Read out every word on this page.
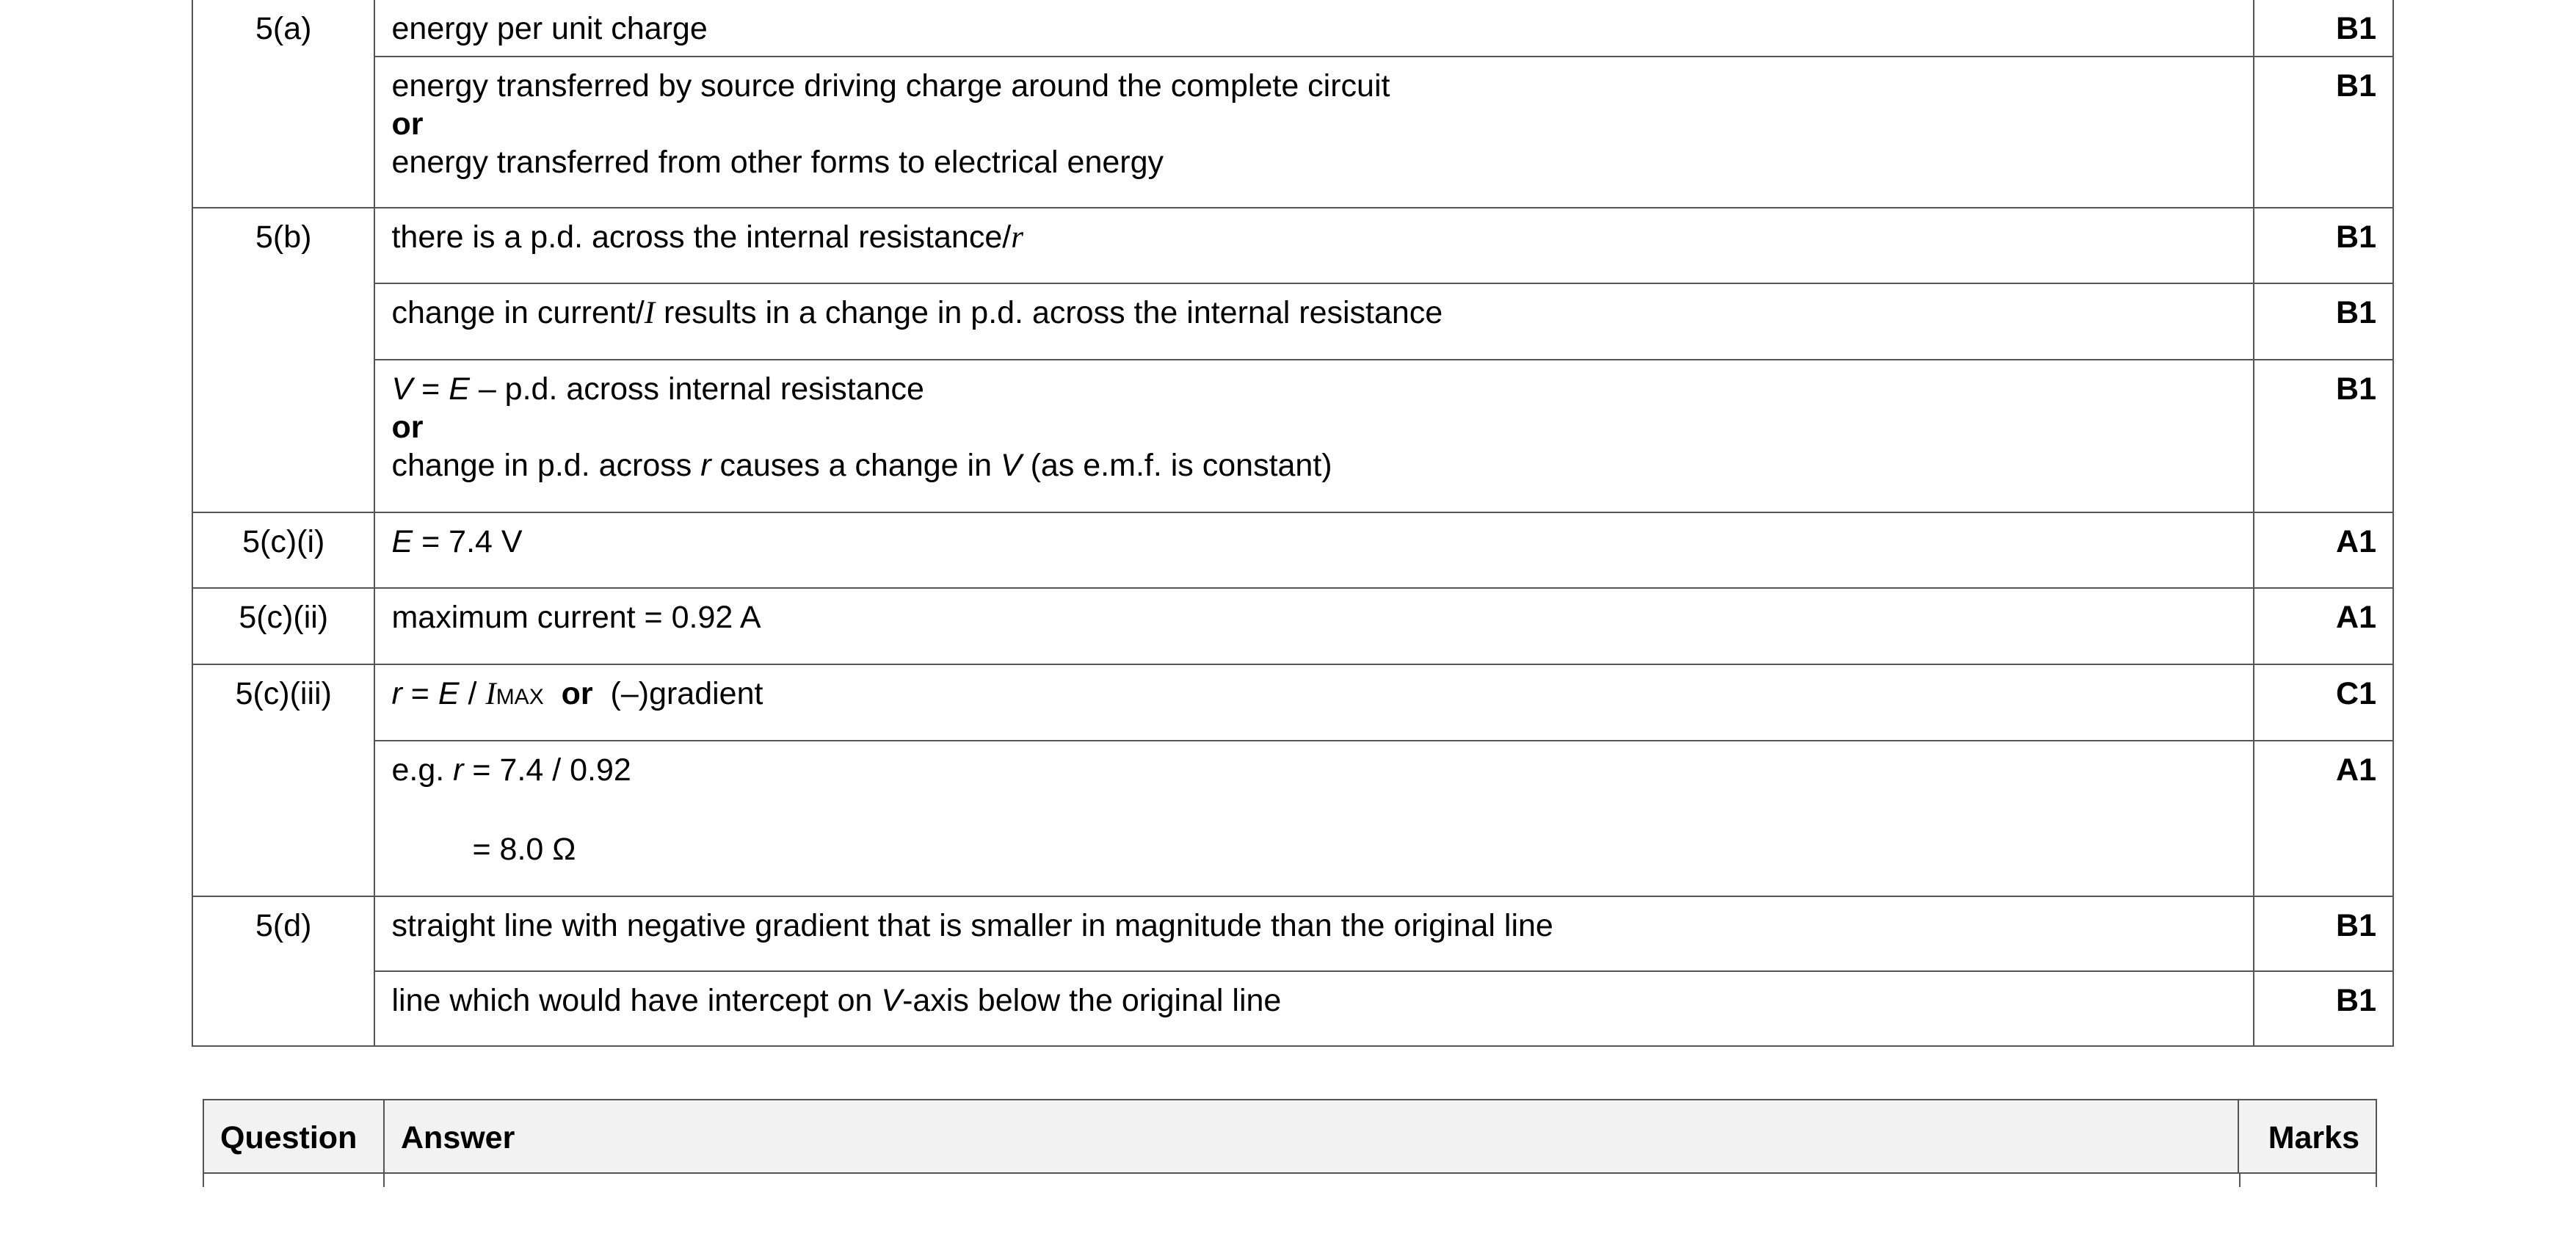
5(a)	energy per unit charge	B1

	energy transferred by source driving charge around the complete circuit
or
energy transferred from other forms to electrical energy	B1
5(b)	there is a p.d. across the internal resistance/r	B1
	change in current/I results in a change in p.d. across the internal resistance	B1

	V = E – p.d. across internal resistance
or
change in p.d. across r causes a change in V (as e.m.f. is constant)	B1
5(c)(i)	E = 7.4 V	A1
5(c)(ii)	maximum current = 0.92 A	A1
5(c)(iii)	r = E / IMAX or (–)gradient	C1

	e.g. r = 7.4 / 0.92
= 8.0 Ω	A1
5(d)	straight line with negative gradient that is smaller in magnitude than the original line	B1
	line which would have intercept on V-axis below the original line	B1
Question	Answer	Marks
